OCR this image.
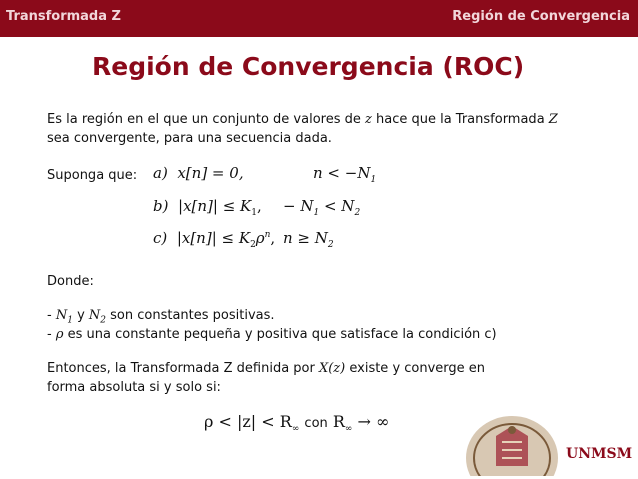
Transformada Z	Región de Convergencia
Región de Convergencia (ROC)
Es la región en el que un conjunto de valores de z hace que la Transformada Z
sea convergente, para una secuencia dada.
Suponga que: a) x[n] = 0,	$n < -N_1$
b) $|x[n]| \le K_1$, − $N_1 < N_2$
c) $|x[n]| \le K_2\rho^n$, $n \ge N_2$
Donde:
- $N_1$ y $N_2$ son constantes positivas.
- ρ es una constante pequeña y positiva que satisface la condición c)
Entonces, la Transformada Z definida por X(z) existe y converge en
forma absoluta si y solo si:
$\rho < |z| < R_\infty$ con $R_\infty$ → ∞
UNMSM
